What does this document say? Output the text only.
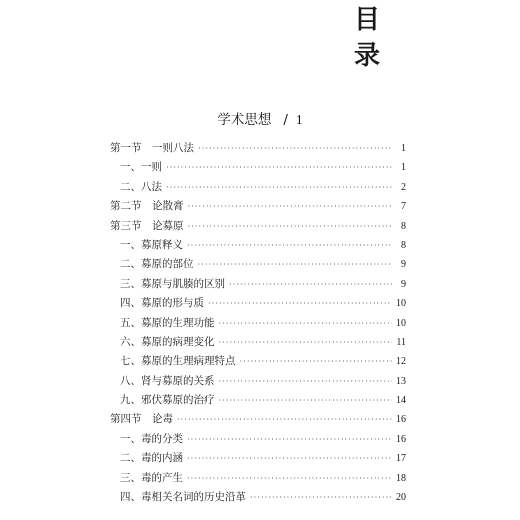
目
录
学术思想 / 1
第一节　一则八法 ·····	1
一、一则 ·····	1
二、八法 ·····	2
第二节　论散膏 ·····	7
第三节　论募原 ·····	8
一、募原释义 ·····	8
二、募原的部位 ·····	9
三、募原与肌腠的区别 ·····	9
四、募原的形与质 ·····	10
五、募原的生理功能 ·····	10
六、募原的病理变化 ·····	11
七、募原的生理病理特点 ·····	12
八、肾与募原的关系 ·····	13
九、邪伏募原的治疗 ·····	14
第四节　论毒 ·····	16
一、毒的分类 ·····	16
二、毒的内涵 ·····	17
三、毒的产生 ·····	18
四、毒相关名词的历史沿革 ·····	20
